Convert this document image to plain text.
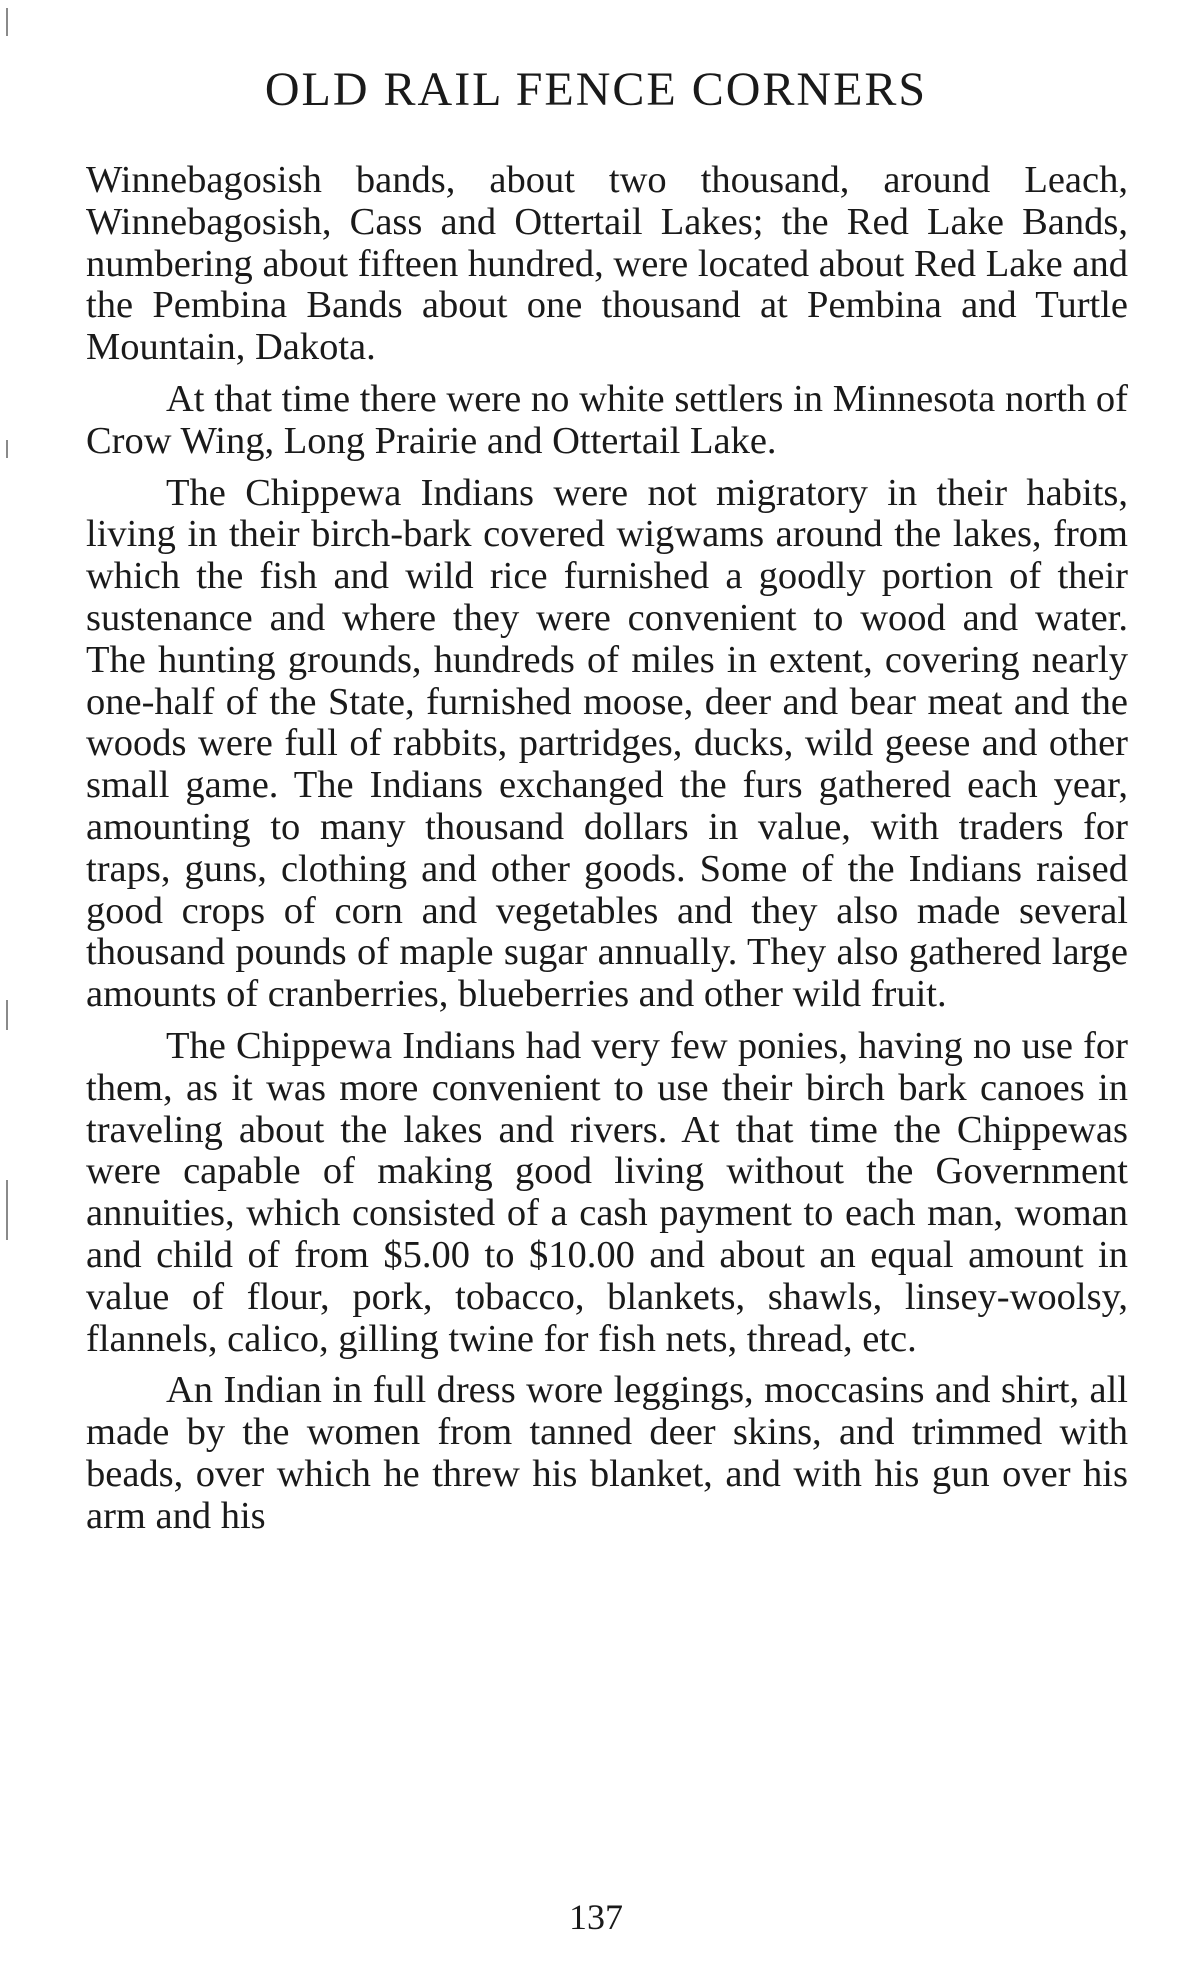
OLD RAIL FENCE CORNERS

Winnebagosish bands, about two thousand, around Leach, Winnebagosish, Cass and Ottertail Lakes; the Red Lake Bands, numbering about fifteen hundred, were located about Red Lake and the Pembina Bands about one thousand at Pembina and Turtle Mountain, Dakota.

At that time there were no white settlers in Minnesota north of Crow Wing, Long Prairie and Ottertail Lake.

The Chippewa Indians were not migratory in their habits, living in their birch-bark covered wigwams around the lakes, from which the fish and wild rice furnished a goodly portion of their sustenance and where they were convenient to wood and water. The hunting grounds, hundreds of miles in extent, covering nearly one-half of the State, furnished moose, deer and bear meat and the woods were full of rabbits, partridges, ducks, wild geese and other small game. The Indians exchanged the furs gathered each year, amounting to many thousand dollars in value, with traders for traps, guns, clothing and other goods. Some of the Indians raised good crops of corn and vegetables and they also made several thousand pounds of maple sugar annually. They also gathered large amounts of cranberries, blueberries and other wild fruit.

The Chippewa Indians had very few ponies, having no use for them, as it was more convenient to use their birch bark canoes in traveling about the lakes and rivers. At that time the Chippewas were capable of making good living without the Government annuities, which consisted of a cash payment to each man, woman and child of from $5.00 to $10.00 and about an equal amount in value of flour, pork, tobacco, blankets, shawls, linsey-woolsy, flannels, calico, gilling twine for fish nets, thread, etc.

An Indian in full dress wore leggings, moccasins and shirt, all made by the women from tanned deer skins, and trimmed with beads, over which he threw his blanket, and with his gun over his arm and his

137
